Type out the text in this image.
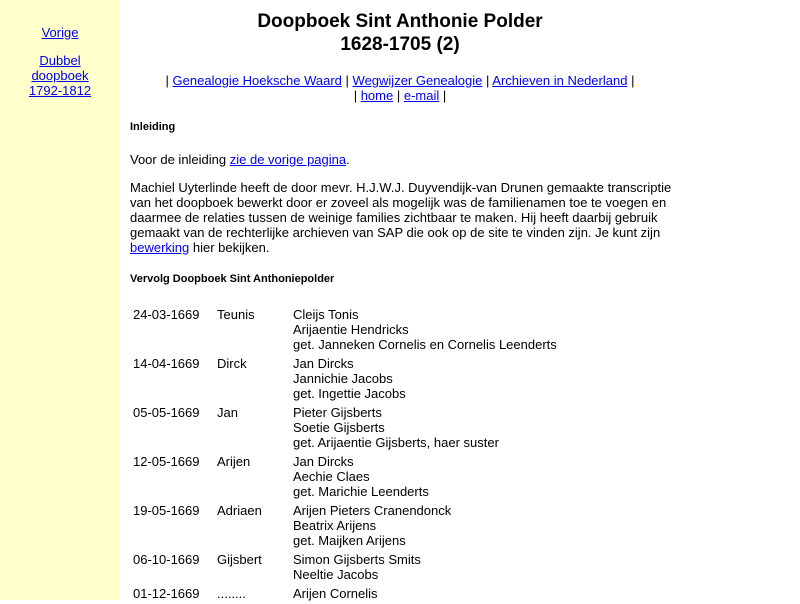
Vorige
Dubbel
doopboek
1792-1812
Doopboek Sint Anthonie Polder
1628-1705 (2)
| Genealogie Hoeksche Waard | Wegwijzer Genealogie | Archieven in Nederland |
| home | e-mail |
Inleiding
Voor de inleiding zie de vorige pagina.
Machiel Uyterlinde heeft de door mevr. H.J.W.J. Duyvendijk-van Drunen gemaakte transcriptie van het doopboek bewerkt door er zoveel als mogelijk was de familienamen toe te voegen en daarmee de relaties tussen de weinige families zichtbaar te maken. Hij heeft daarbij gebruik gemaakt van de rechterlijke archieven van SAP die ook op de site te vinden zijn. Je kunt zijn bewerking hier bekijken.
Vervolg Doopboek Sint Anthoniepolder
24-03-1669	Teunis	Cleijs Tonis
Arijaentie Hendricks
get. Janneken Cornelis en Cornelis Leenderts

14-04-1669	Dirck	Jan Dircks
Jannichie Jacobs
get. Ingettie Jacobs

05-05-1669	Jan	Pieter Gijsberts
Soetie Gijsberts
get. Arijaentie Gijsberts, haer suster

12-05-1669	Arijen	Jan Dircks
Aechie Claes
get. Marichie Leenderts

19-05-1669	Adriaen	Arijen Pieters Cranendonck
Beatrix Arijens
get. Maijken Arijens

06-10-1669	Gijsbert	Simon Gijsberts Smits
Neeltie Jacobs

01-12-1669	........	Arijen Cornelis
